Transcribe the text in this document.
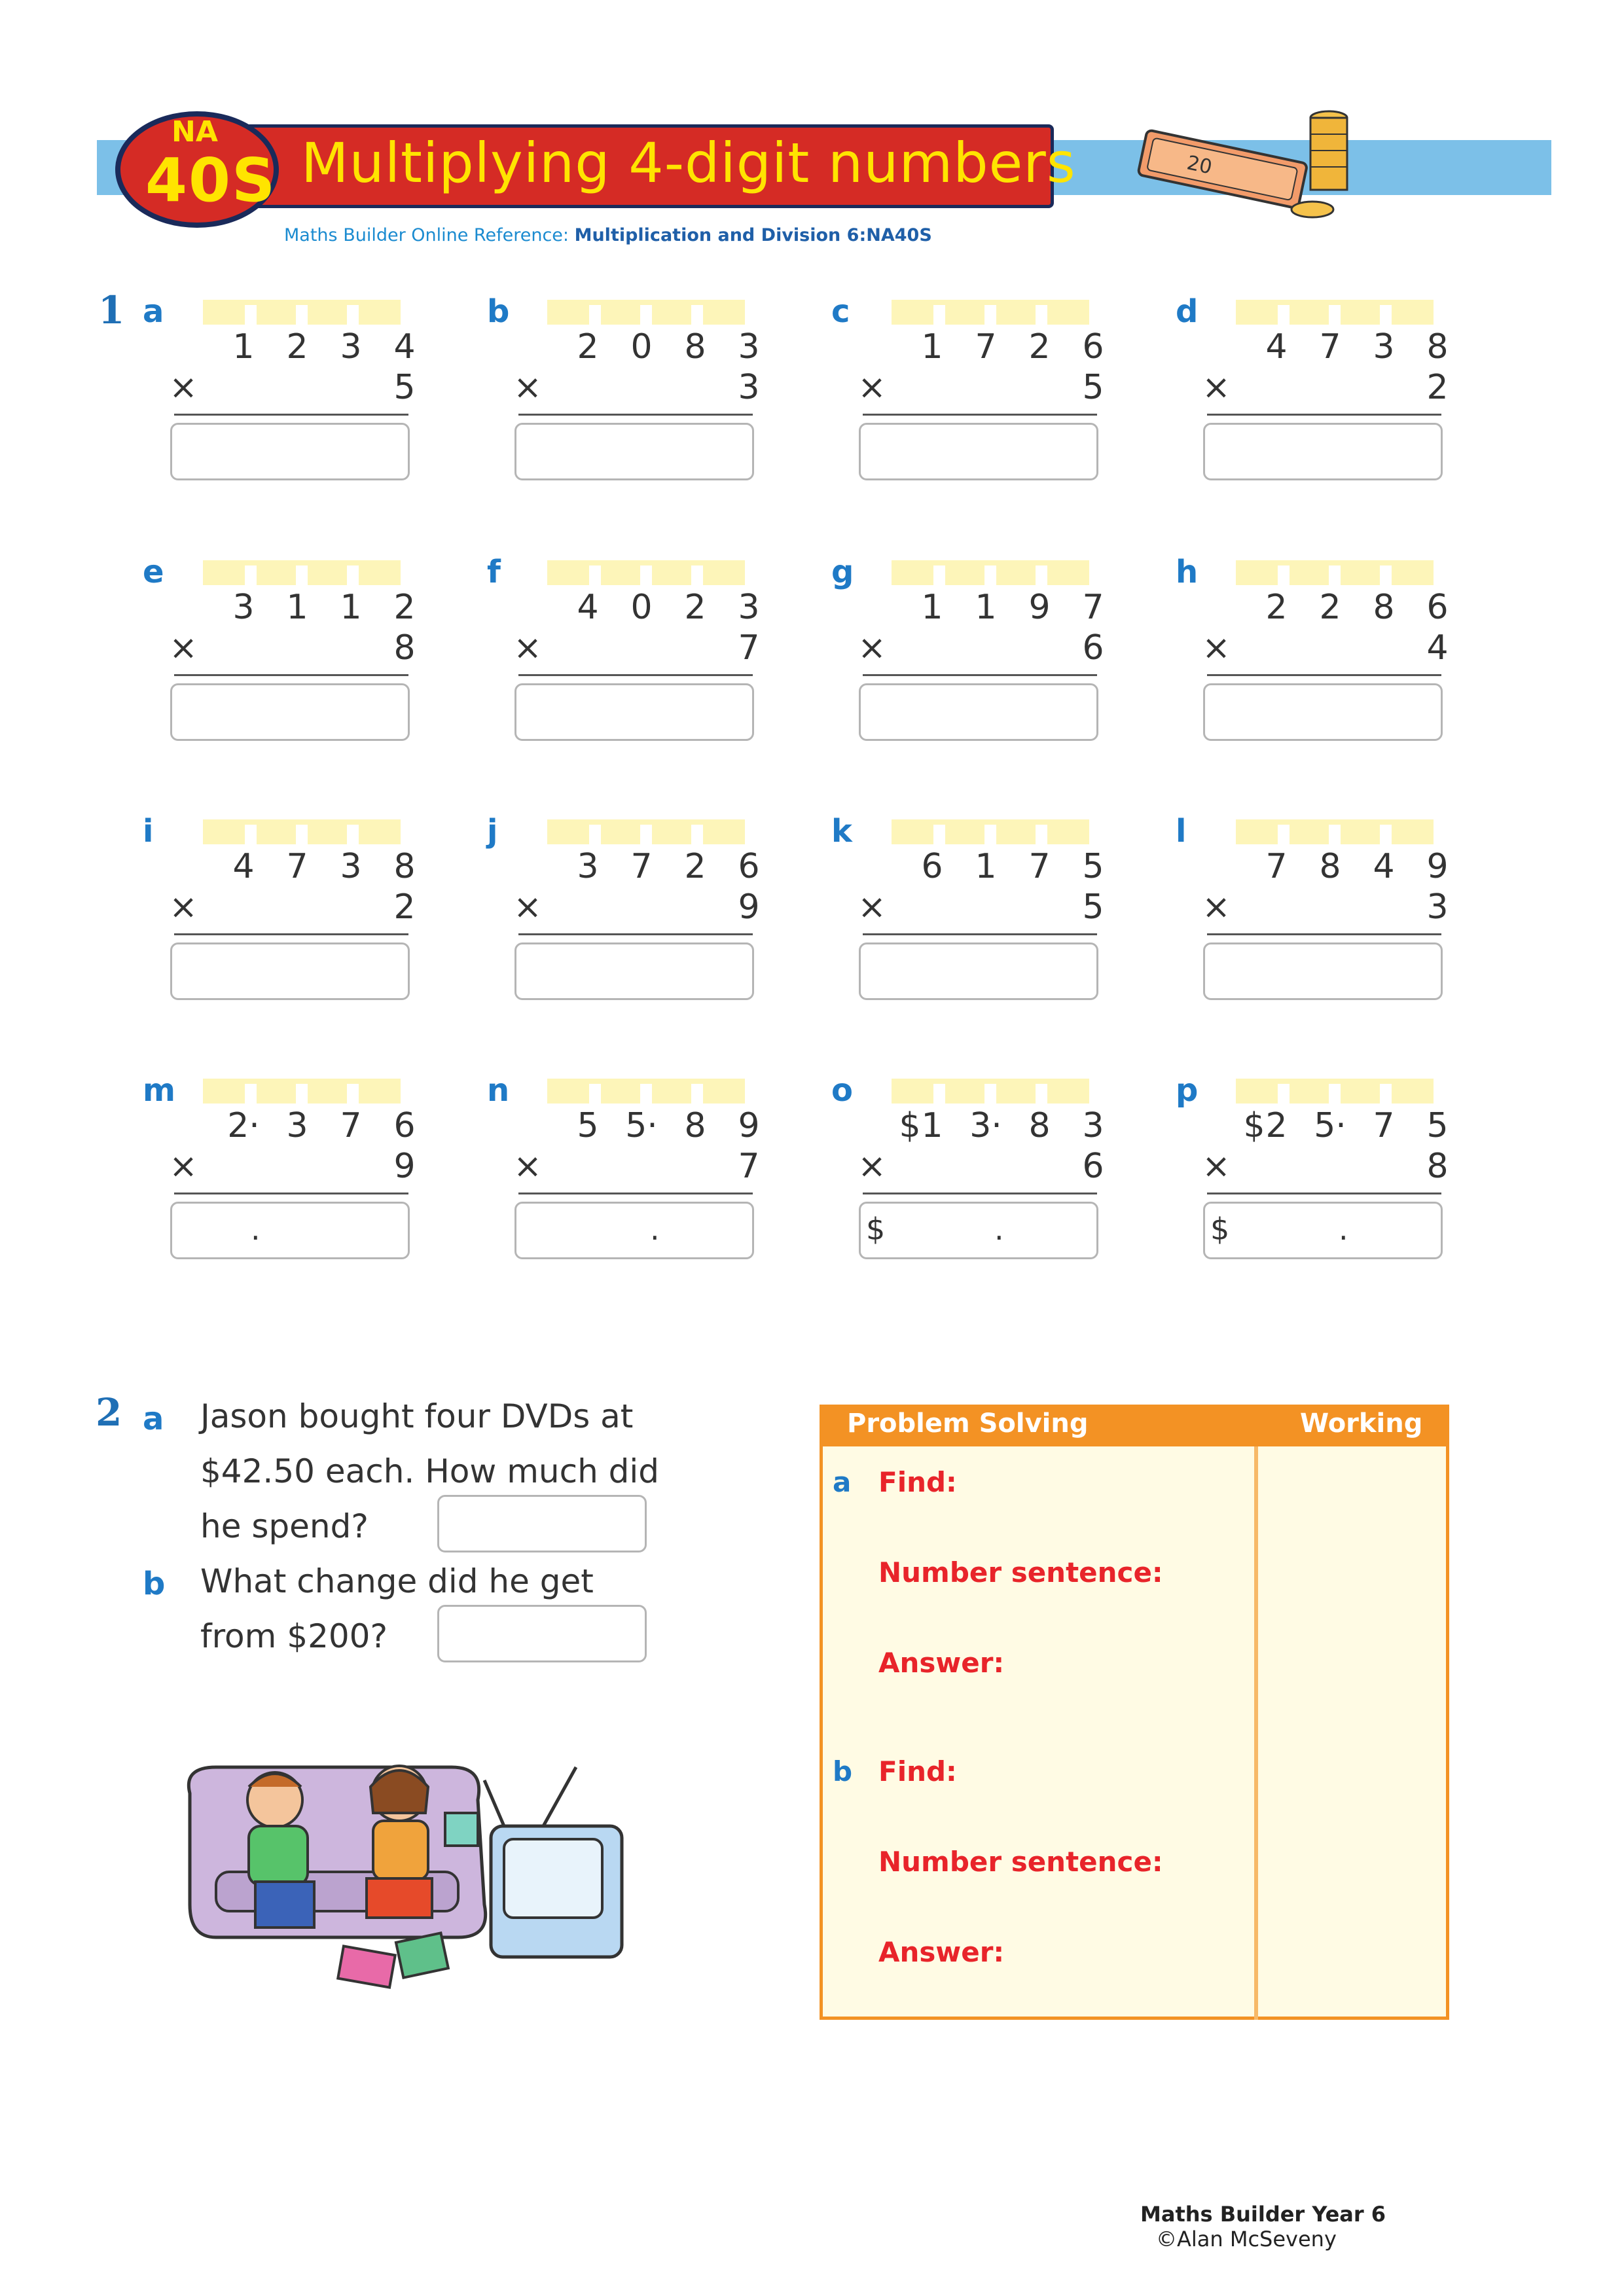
Multiplying 4-digit numbers
NA
40S	20
Maths Builder Online Reference: Multiplication and Division 6:NA40S
1 a
1 2 3 4
×	5
b
2 0 8 3
×	3
c
1 7 2 6
×	5
d
4 7 3 8
×	2
e
3 1 1 2
×	8
f
4 0 2 3
×	7
g
1 1 9 7
×	6
h
2 2 8 6
×	4
i
4 7 3 8
×	2
j
3 7 2 6
×	9
k
6 1 7 5
×	5
l
7 8 4 9
×	3
m
2· 3 7 6
×	9
.
n
5 5· 8 9
×	7
.
o
$ 1 3· 8 3
×	6
$	.
p
$ 2 5· 7 5
×	8
$	.
2 a Jason bought four DVDs at
$42.50 each. How much did
he spend?
b What change did he get
from $200?
Problem Solving	Working
a Find:
Number sentence:
Answer:
b Find:
Number sentence:
Answer:
Maths Builder Year 6
©Alan McSeveny
